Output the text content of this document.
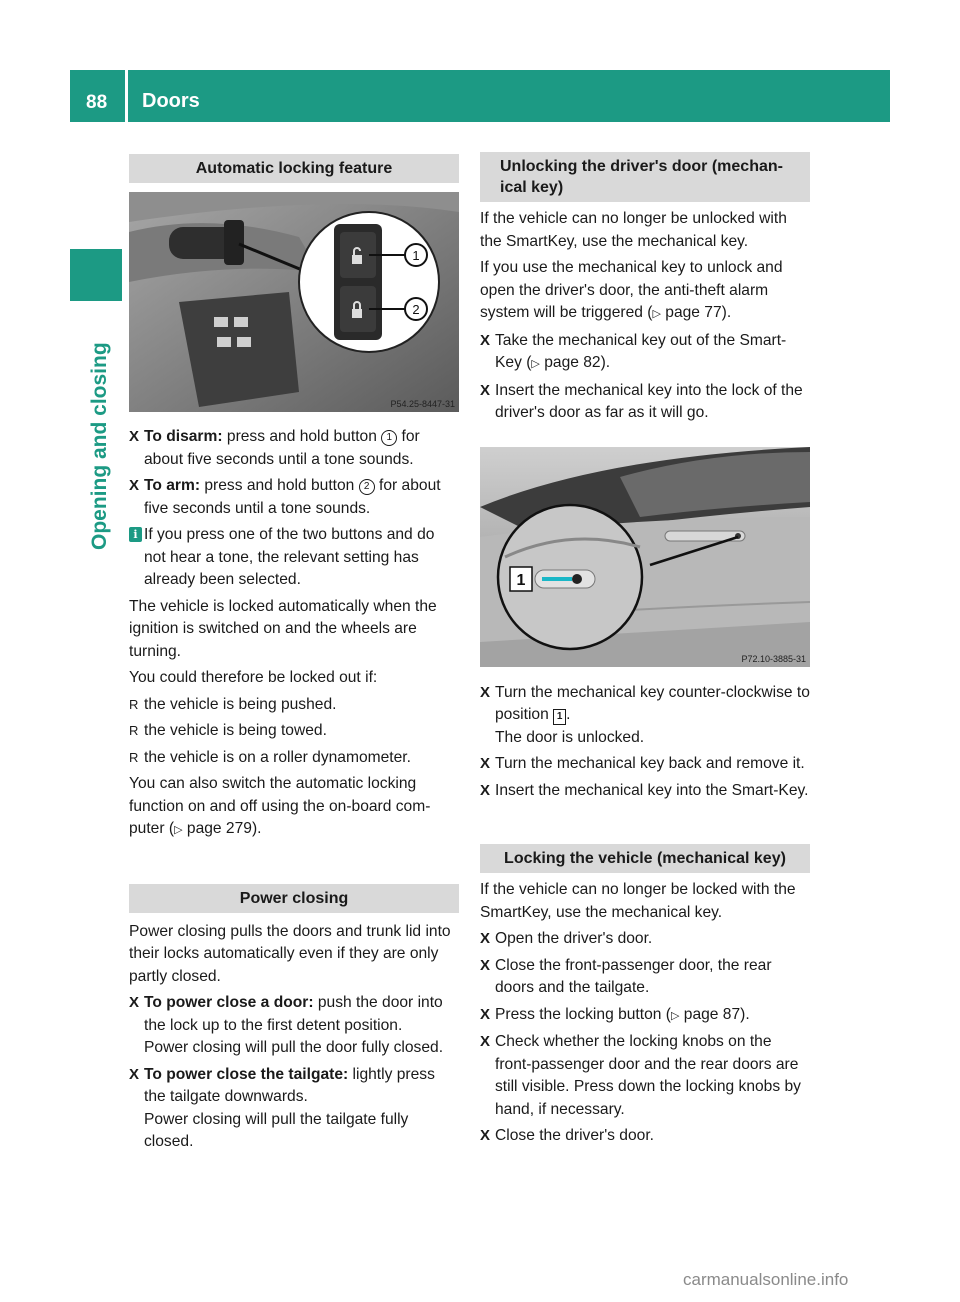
88 Doors
Opening and closing
Automatic locking feature
1
2
P54.25-8447-31
X To disarm: press and hold button 1 for about five seconds until a tone sounds.
X To arm: press and hold button 2 for about five seconds until a tone sounds.
i If you press one of the two buttons and do not hear a tone, the relevant setting has already been selected.

The vehicle is locked automatically when the ignition is switched on and the wheels are turning.

You could therefore be locked out if:

R the vehicle is being pushed.
R the vehicle is being towed.
R the vehicle is on a roller dynamometer.

You can also switch the automatic locking function on and off using the on-board com-puter (▷ page 279).

Power closing

Power closing pulls the doors and trunk lid into their locks automatically even if they are only partly closed.

X To power close a door: push the door into the lock up to the first detent position.
Power closing will pull the door fully closed.
X To power close the tailgate: lightly press the tailgate downwards.
Power closing will pull the tailgate fully closed.
Unlocking the driver's door (mechan-ical key)

If the vehicle can no longer be unlocked with the SmartKey, use the mechanical key.

If you use the mechanical key to unlock and open the driver's door, the anti-theft alarm system will be triggered (▷ page 77).

X Take the mechanical key out of the Smart-Key (▷ page 82).
X Insert the mechanical key into the lock of the driver's door as far as it will go.
1
P72.10-3885-31
X Turn the mechanical key counter-clockwise to position 1 .
The door is unlocked.
X Turn the mechanical key back and remove it.
X Insert the mechanical key into the Smart-Key.
Locking the vehicle (mechanical key)

If the vehicle can no longer be locked with the SmartKey, use the mechanical key.

X Open the driver's door.
X Close the front-passenger door, the rear doors and the tailgate.
X Press the locking button (▷ page 87).
X Check whether the locking knobs on the front-passenger door and the rear doors are still visible. Press down the locking knobs by hand, if necessary.
X Close the driver's door.
carmanualsonline.info
